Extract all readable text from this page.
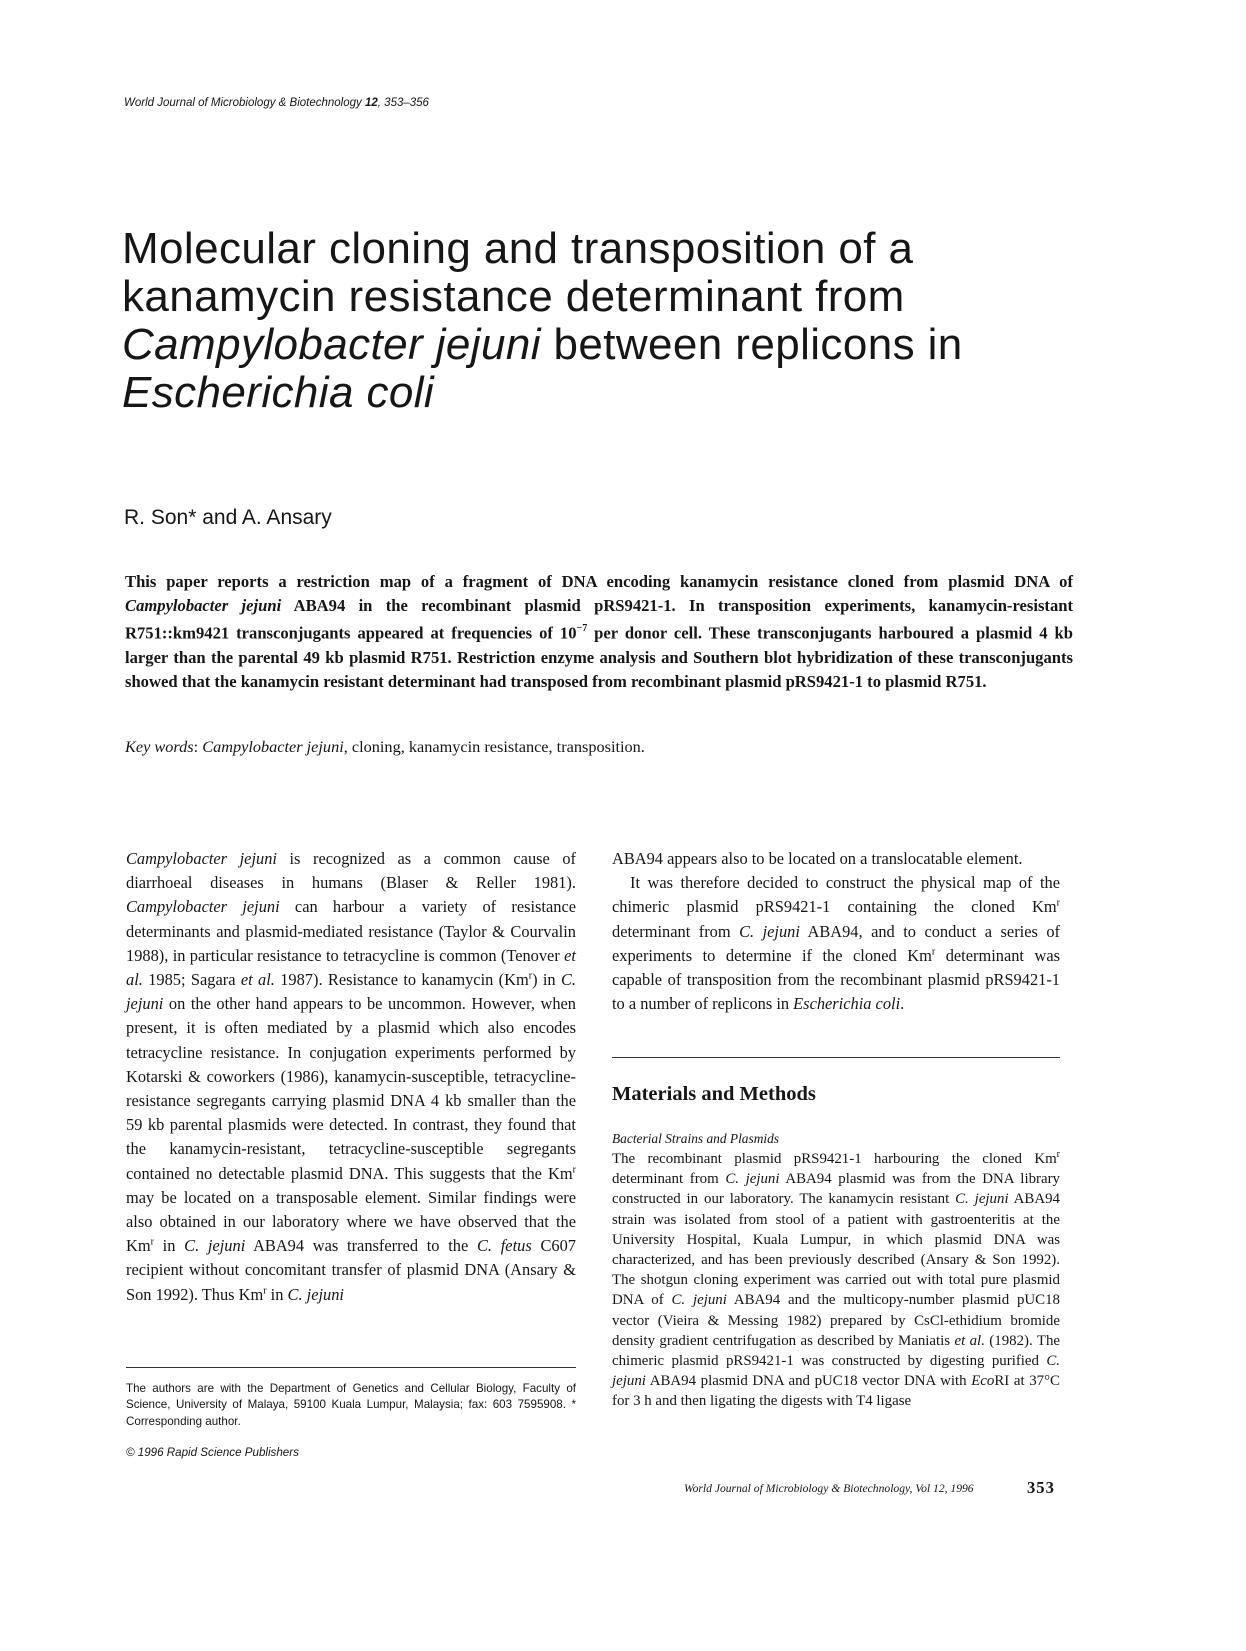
World Journal of Microbiology & Biotechnology 12, 353–356
Molecular cloning and transposition of a
kanamycin resistance determinant from
Campylobacter jejuni between replicons in
Escherichia coli
R. Son* and A. Ansary

This paper reports a restriction map of a fragment of DNA encoding kanamycin resistance cloned from plasmid DNA of Campylobacter jejuni ABA94 in the recombinant plasmid pRS9421-1. In transposition experiments, kanamycin-resistant R751::km9421 transconjugants appeared at frequencies of $10^{-7}$ per donor cell. These transconjugants harboured a plasmid 4 kb larger than the parental 49 kb plasmid R751. Restriction enzyme analysis and Southern blot hybridization of these transconjugants showed that the kanamycin resistant determinant had transposed from recombinant plasmid pRS9421-1 to plasmid R751.

Key words: Campylobacter jejuni, cloning, kanamycin resistance, transposition.

Campylobacter jejuni is recognized as a common cause of diarrhoeal diseases in humans (Blaser & Reller 1981). Campylobacter jejuni can harbour a variety of resistance determinants and plasmid-mediated resistance (Taylor & Courvalin 1988), in particular resistance to tetracycline is common (Tenover et al. 1985; Sagara et al. 1987). Resistance to kanamycin (Km$^r$) in C. jejuni on the other hand appears to be uncommon. However, when present, it is often mediated by a plasmid which also encodes tetracycline resistance. In conjugation experiments performed by Kotarski & coworkers (1986), kanamycin-susceptible, tetracycline-resistance segregants carrying plasmid DNA 4 kb smaller than the 59 kb parental plasmids were detected. In contrast, they found that the kanamycin-resistant, tetracycline-susceptible segregants contained no detectable plasmid DNA. This suggests that the Km$^r$ may be located on a transposable element. Similar findings were also obtained in our laboratory where we have observed that the Km$^r$ in C. jejuni ABA94 was transferred to the C. fetus C607 recipient without concomitant transfer of plasmid DNA (Ansary & Son 1992). Thus Km$^r$ in C. jejuni

ABA94 appears also to be located on a translocatable element.

It was therefore decided to construct the physical map of the chimeric plasmid pRS9421-1 containing the cloned Km$^r$ determinant from C. jejuni ABA94, and to conduct a series of experiments to determine if the cloned Km$^r$ determinant was capable of transposition from the recombinant plasmid pRS9421-1 to a number of replicons in Escherichia coli.

Materials and Methods
Bacterial Strains and Plasmids

The recombinant plasmid pRS9421-1 harbouring the cloned Km$^r$ determinant from C. jejuni ABA94 plasmid was from the DNA library constructed in our laboratory. The kanamycin resistant C. jejuni ABA94 strain was isolated from stool of a patient with gastroenteritis at the University Hospital, Kuala Lumpur, in which plasmid DNA was characterized, and has been previously described (Ansary & Son 1992). The shotgun cloning experiment was carried out with total pure plasmid DNA of C. jejuni ABA94 and the multicopy-number plasmid pUC18 vector (Vieira & Messing 1982) prepared by CsCl-ethidium bromide density gradient centrifugation as described by Maniatis et al. (1982). The chimeric plasmid pRS9421-1 was constructed by digesting purified C. jejuni ABA94 plasmid DNA and pUC18 vector DNA with EcoRI at 37°C for 3 h and then ligating the digests with T4 ligase

The authors are with the Department of Genetics and Cellular Biology, Faculty of Science, University of Malaya, 59100 Kuala Lumpur, Malaysia; fax: 603 7595908. * Corresponding author.

© 1996 Rapid Science Publishers
World Journal of Microbiology & Biotechnology, Vol 12, 1996	353
